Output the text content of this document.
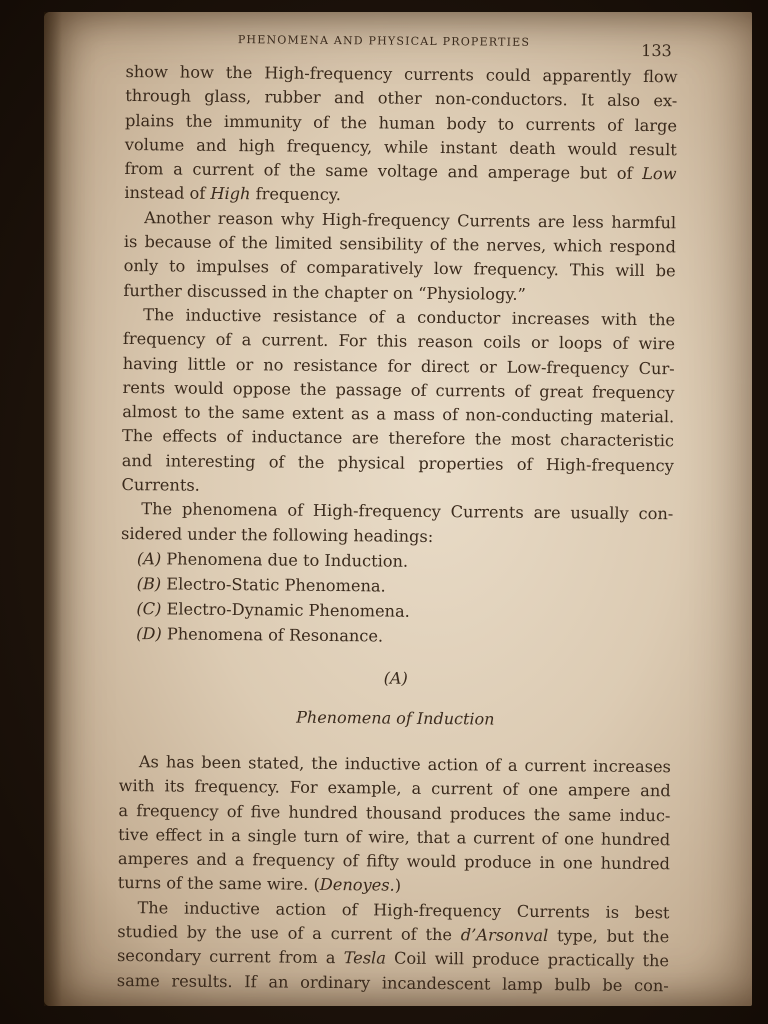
PHENOMENA AND PHYSICAL PROPERTIES	133

show how the High-frequency currents could apparently flow
through glass, rubber and other non-conductors. It also ex-
plains the immunity of the human body to currents of large
volume and high frequency, while instant death would result
from a current of the same voltage and amperage but of Low
instead of High frequency.

Another reason why High-frequency Currents are less harmful
is because of the limited sensibility of the nerves, which respond
only to impulses of comparatively low frequency. This will be
further discussed in the chapter on “Physiology.”

The inductive resistance of a conductor increases with the
frequency of a current. For this reason coils or loops of wire
having little or no resistance for direct or Low-frequency Cur-
rents would oppose the passage of currents of great frequency
almost to the same extent as a mass of non-conducting material.
The effects of inductance are therefore the most characteristic
and interesting of the physical properties of High-frequency
Currents.

The phenomena of High-frequency Currents are usually con-
sidered under the following headings:

(A) Phenomena due to Induction.
(B) Electro-Static Phenomena.
(C) Electro-Dynamic Phenomena.
(D) Phenomena of Resonance.
(A)
Phenomena of Induction

As has been stated, the inductive action of a current increases
with its frequency. For example, a current of one ampere and
a frequency of five hundred thousand produces the same induc-
tive effect in a single turn of wire, that a current of one hundred
amperes and a frequency of fifty would produce in one hundred
turns of the same wire. (Denoyes.)

The inductive action of High-frequency Currents is best
studied by the use of a current of the d’Arsonval type, but the
secondary current from a Tesla Coil will produce practically the
same results. If an ordinary incandescent lamp bulb be con-
